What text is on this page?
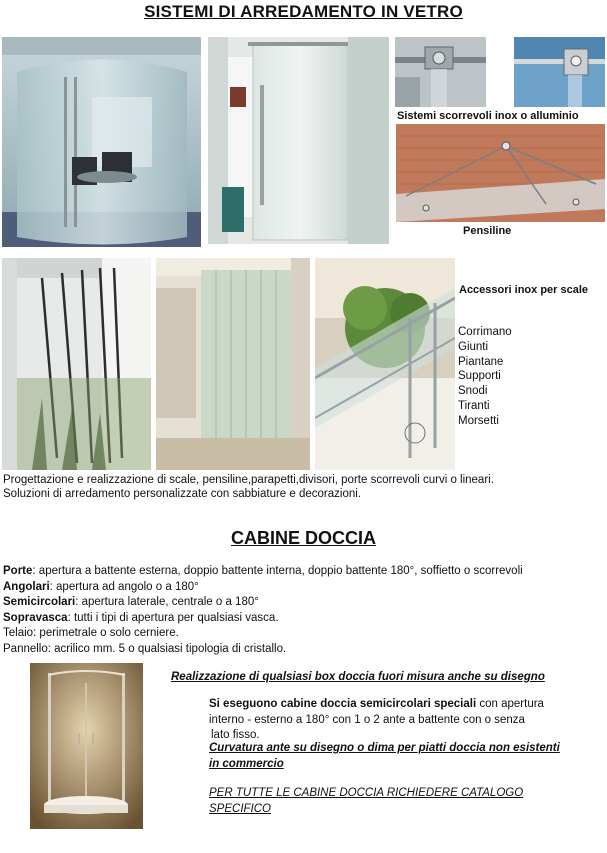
SISTEMI DI ARREDAMENTO IN VETRO
Sistemi scorrevoli inox o alluminio
Pensiline
Accessori inox per scale
Corrimano
Giunti
Piantane
Supporti
Snodi
Tiranti
Morsetti
Progettazione e realizzazione di scale, pensiline,parapetti,divisori, porte scorrevoli curvi o lineari.
Soluzioni di arredamento personalizzate con sabbiature e decorazioni.
CABINE DOCCIA
Porte: apertura a battente esterna, doppio battente interna, doppio battente 180°, soffietto o scorrevoli
Angolari: apertura ad angolo o a 180°
Semicircolari: apertura laterale, centrale o a 180°
Sopravasca: tutti i tipi di apertura per qualsiasi vasca.
Telaio: perimetrale o solo cerniere.
Pannello: acrilico mm. 5 o qualsiasi tipologia di cristallo.
Realizzazione di qualsiasi box doccia fuori misura anche su disegno
Si eseguono cabine doccia semicircolari speciali con apertura
interno - esterno a 180° con 1 o 2 ante a battente con o senza
lato fisso.
Curvatura ante su disegno o dima per piatti doccia non esistenti
in commercio
PER TUTTE LE CABINE DOCCIA RICHIEDERE CATALOGO
SPECIFICO
